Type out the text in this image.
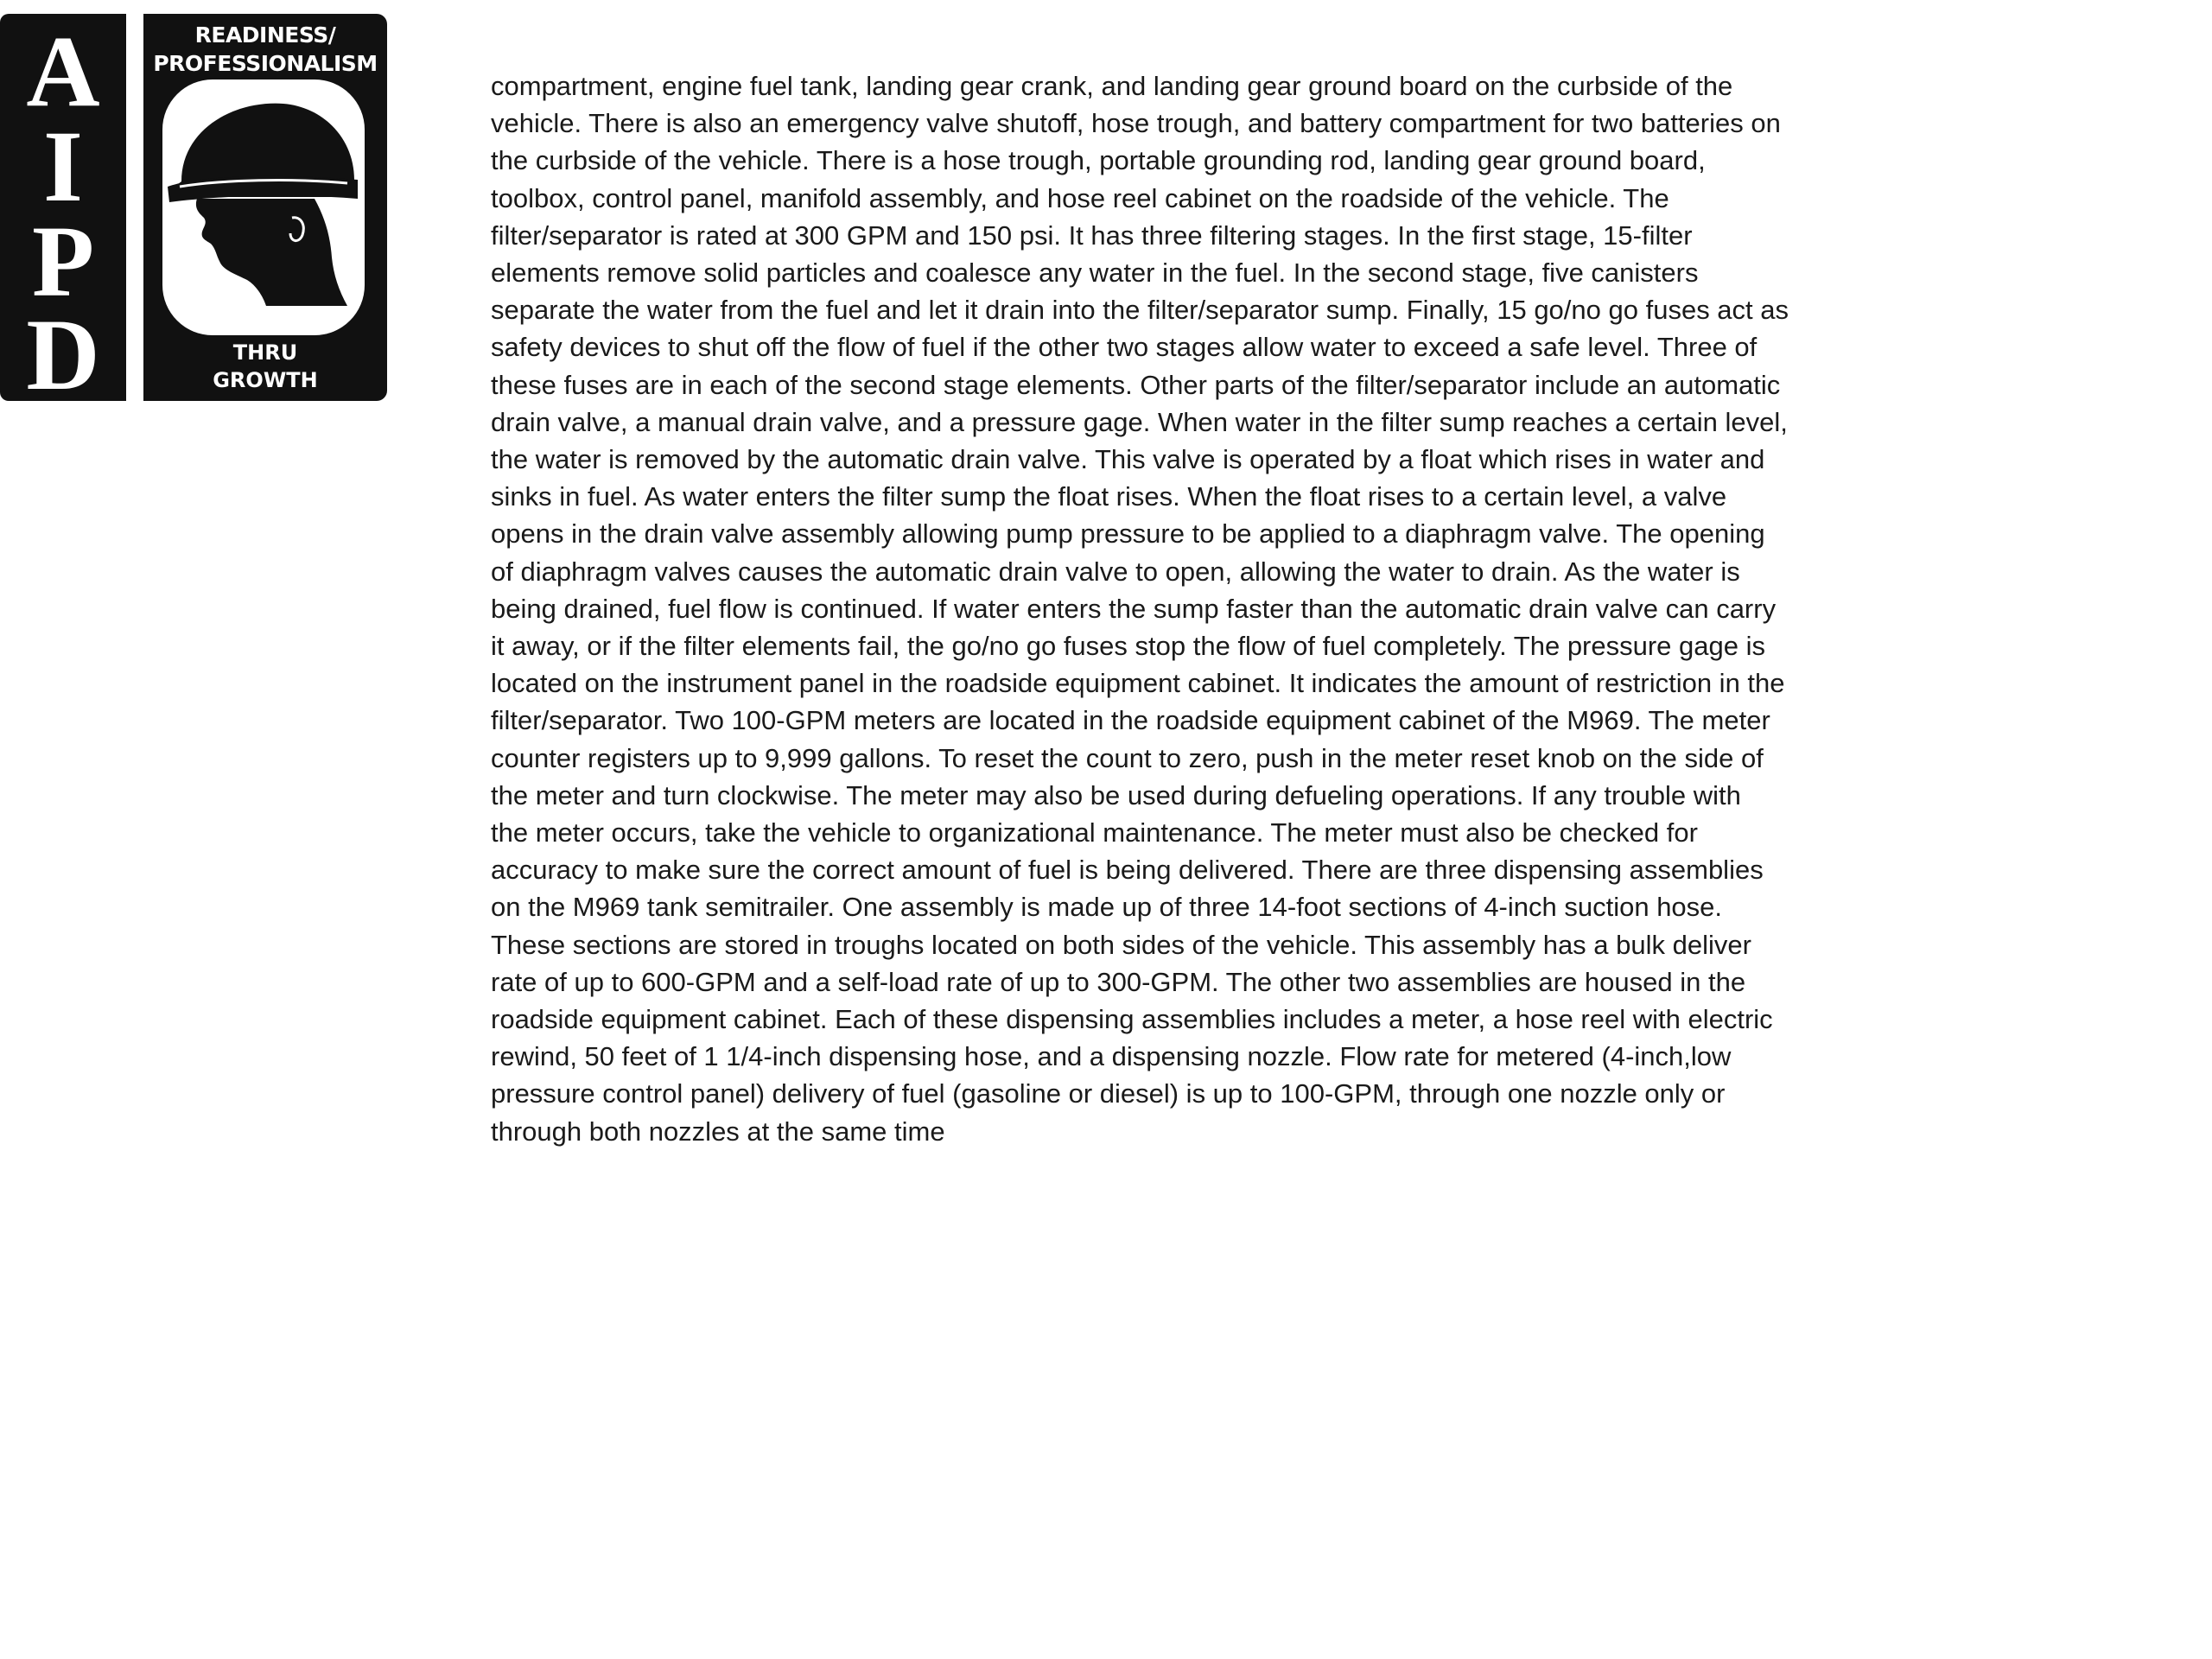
A
I
P
D
READINESS/
PROFESSIONALISM
THRU
GROWTH
compartment, engine fuel tank, landing gear crank, and landing gear ground board on the curbside of the
vehicle. There is also an emergency valve shutoff, hose trough, and battery compartment for two batteries on
the curbside of the vehicle. There is a hose trough, portable grounding rod, landing gear ground board,
toolbox, control panel, manifold assembly, and hose reel cabinet on the roadside of the vehicle. The
filter/separator is rated at 300 GPM and 150 psi. It has three filtering stages. In the first stage, 15-filter
elements remove solid particles and coalesce any water in the fuel. In the second stage, five canisters
separate the water from the fuel and let it drain into the filter/separator sump. Finally, 15 go/no go fuses act as
safety devices to shut off the flow of fuel if the other two stages allow water to exceed a safe level. Three of
these fuses are in each of the second stage elements. Other parts of the filter/separator include an automatic
drain valve, a manual drain valve, and a pressure gage. When water in the filter sump reaches a certain level,
the water is removed by the automatic drain valve. This valve is operated by a float which rises in water and
sinks in fuel. As water enters the filter sump the float rises. When the float rises to a certain level, a valve
opens in the drain valve assembly allowing pump pressure to be applied to a diaphragm valve. The opening
of diaphragm valves causes the automatic drain valve to open, allowing the water to drain. As the water is
being drained, fuel flow is continued. If water enters the sump faster than the automatic drain valve can carry
it away, or if the filter elements fail, the go/no go fuses stop the flow of fuel completely. The pressure gage is
located on the instrument panel in the roadside equipment cabinet. It indicates the amount of restriction in the
filter/separator. Two 100-GPM meters are located in the roadside equipment cabinet of the M969. The meter
counter registers up to 9,999 gallons. To reset the count to zero, push in the meter reset knob on the side of
the meter and turn clockwise. The meter may also be used during defueling operations. If any trouble with
the meter occurs, take the vehicle to organizational maintenance. The meter must also be checked for
accuracy to make sure the correct amount of fuel is being delivered. There are three dispensing assemblies
on the M969 tank semitrailer. One assembly is made up of three 14-foot sections of 4-inch suction hose.
These sections are stored in troughs located on both sides of the vehicle. This assembly has a bulk deliver
rate of up to 600-GPM and a self-load rate of up to 300-GPM. The other two assemblies are housed in the
roadside equipment cabinet. Each of these dispensing assemblies includes a meter, a hose reel with electric
rewind, 50 feet of 1 1/4-inch dispensing hose, and a dispensing nozzle. Flow rate for metered (4-inch,low
pressure control panel) delivery of fuel (gasoline or diesel) is up to 100-GPM, through one nozzle only or
through both nozzles at the same time
